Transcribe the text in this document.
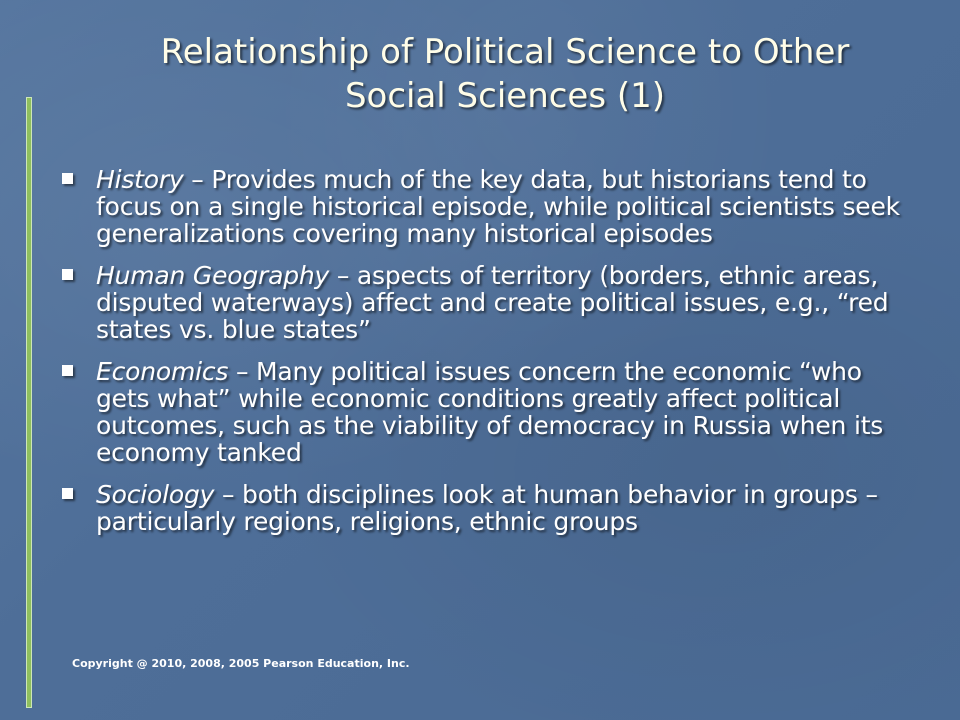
Relationship of Political Science to Other Social Sciences (1)
History – Provides much of the key data, but historians tend to focus on a single historical episode, while political scientists seek generalizations covering many historical episodes
Human Geography – aspects of territory (borders, ethnic areas, disputed waterways) affect and create political issues, e.g., “red states vs. blue states”
Economics – Many political issues concern the economic “who gets what” while economic conditions greatly affect political outcomes, such as the viability of democracy in Russia when its economy tanked
Sociology – both disciplines look at human behavior in groups – particularly regions, religions, ethnic groups
Copyright @ 2010, 2008, 2005 Pearson Education, Inc.
